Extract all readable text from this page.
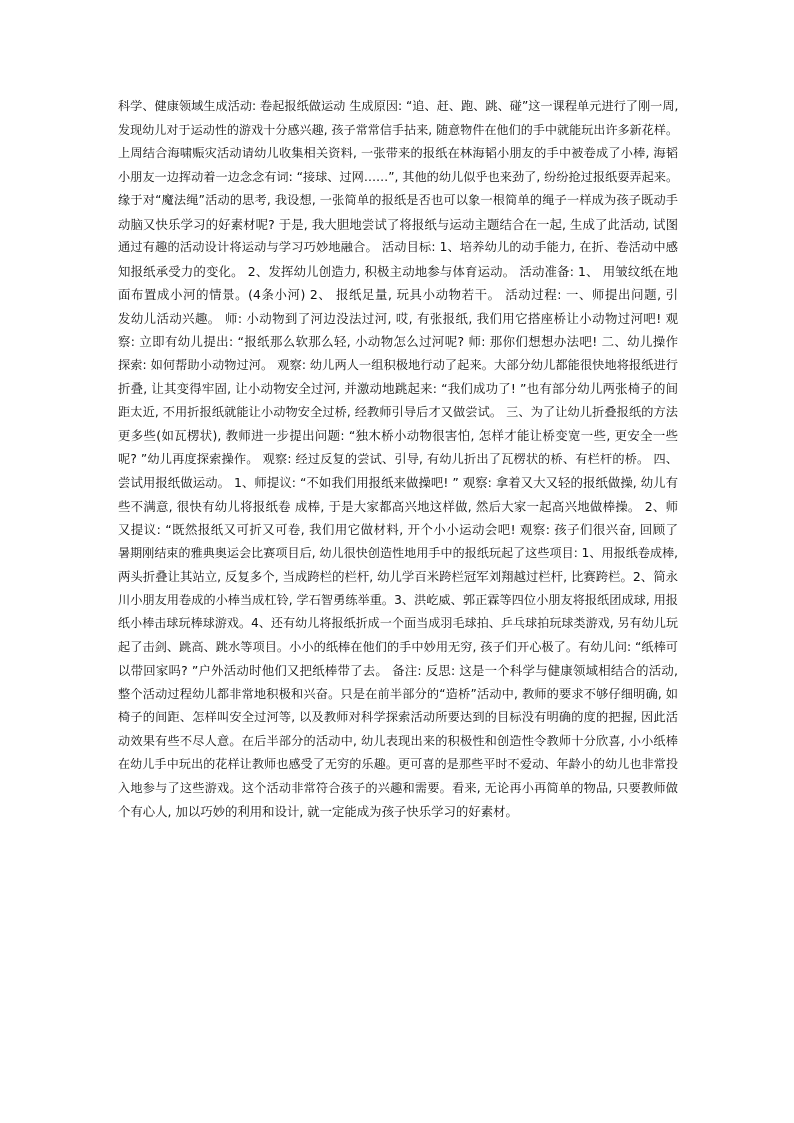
科学、健康领域生成活动: 卷起报纸做运动 生成原因: “追、赶、跑、跳、碰”这一课程单元进行了刚一周,
发现幼儿对于运动性的游戏十分感兴趣, 孩子常常信手拈来, 随意物件在他们的手中就能玩出许多新花样。
上周结合海啸赈灾活动请幼儿收集相关资料, 一张带来的报纸在林海韬小朋友的手中被卷成了小棒, 海韬
小朋友一边挥动着一边念念有词: “接球、过网……”, 其他的幼儿似乎也来劲了, 纷纷抢过报纸耍弄起来。
缘于对“魔法绳”活动的思考, 我设想, 一张简单的报纸是否也可以象一根简单的绳子一样成为孩子既动手
动脑又快乐学习的好素材呢? 于是, 我大胆地尝试了将报纸与运动主题结合在一起, 生成了此活动, 试图
通过有趣的活动设计将运动与学习巧妙地融合。 活动目标: 1、培养幼儿的动手能力, 在折、卷活动中感
知报纸承受力的变化。 2、发挥幼儿创造力, 积极主动地参与体育运动。 活动准备: 1、 用皱纹纸在地
面布置成小河的情景。(4条小河) 2、 报纸足量, 玩具小动物若干。 活动过程: 一、师提出问题, 引
发幼儿活动兴趣。 师: 小动物到了河边没法过河, 哎, 有张报纸, 我们用它搭座桥让小动物过河吧! 观
察: 立即有幼儿提出: “报纸那么软那么轻, 小动物怎么过河呢? 师: 那你们想想办法吧! 二、幼儿操作
探索: 如何帮助小动物过河。 观察: 幼儿两人一组积极地行动了起来。大部分幼儿都能很快地将报纸进行
折叠, 让其变得牢固, 让小动物安全过河, 并激动地跳起来: “我们成功了! ”也有部分幼儿两张椅子的间
距太近, 不用折报纸就能让小动物安全过桥, 经教师引导后才又做尝试。 三、为了让幼儿折叠报纸的方法
更多些(如瓦楞状), 教师进一步提出问题: “独木桥小动物很害怕, 怎样才能让桥变宽一些, 更安全一些
呢? ”幼儿再度探索操作。 观察: 经过反复的尝试、引导, 有幼儿折出了瓦楞状的桥、有栏杆的桥。 四、
尝试用报纸做运动。 1、师提议: “不如我们用报纸来做操吧! ” 观察: 拿着又大又轻的报纸做操, 幼儿有
些不满意, 很快有幼儿将报纸卷 成棒, 于是大家都高兴地这样做, 然后大家一起高兴地做棒操。 2、师
又提议: “既然报纸又可折又可卷, 我们用它做材料, 开个小小运动会吧! 观察: 孩子们很兴奋, 回顾了
暑期刚结束的雅典奥运会比赛项目后, 幼儿很快创造性地用手中的报纸玩起了这些项目: 1、用报纸卷成棒,
两头折叠让其站立, 反复多个, 当成跨栏的栏杆, 幼儿学百米跨栏冠军刘翔越过栏杆, 比赛跨栏。2、简永
川小朋友用卷成的小棒当成杠铃, 学石智勇练举重。3、洪屹威、郭正霖等四位小朋友将报纸团成球, 用报
纸小棒击球玩棒球游戏。4、还有幼儿将报纸折成一个面当成羽毛球拍、乒乓球拍玩球类游戏, 另有幼儿玩
起了击剑、跳高、跳水等项目。小小的纸棒在他们的手中妙用无穷, 孩子们开心极了。有幼儿问: “纸棒可
以带回家吗? ”户外活动时他们又把纸棒带了去。 备注: 反思: 这是一个科学与健康领域相结合的活动,
整个活动过程幼儿都非常地积极和兴奋。只是在前半部分的“造桥”活动中, 教师的要求不够仔细明确, 如
椅子的间距、怎样叫安全过河等, 以及教师对科学探索活动所要达到的目标没有明确的度的把握, 因此活
动效果有些不尽人意。在后半部分的活动中, 幼儿表现出来的积极性和创造性令教师十分欣喜, 小小纸棒
在幼儿手中玩出的花样让教师也感受了无穷的乐趣。更可喜的是那些平时不爱动、年龄小的幼儿也非常投
入地参与了这些游戏。这个活动非常符合孩子的兴趣和需要。看来, 无论再小再简单的物品, 只要教师做
个有心人, 加以巧妙的利用和设计, 就一定能成为孩子快乐学习的好素材。
